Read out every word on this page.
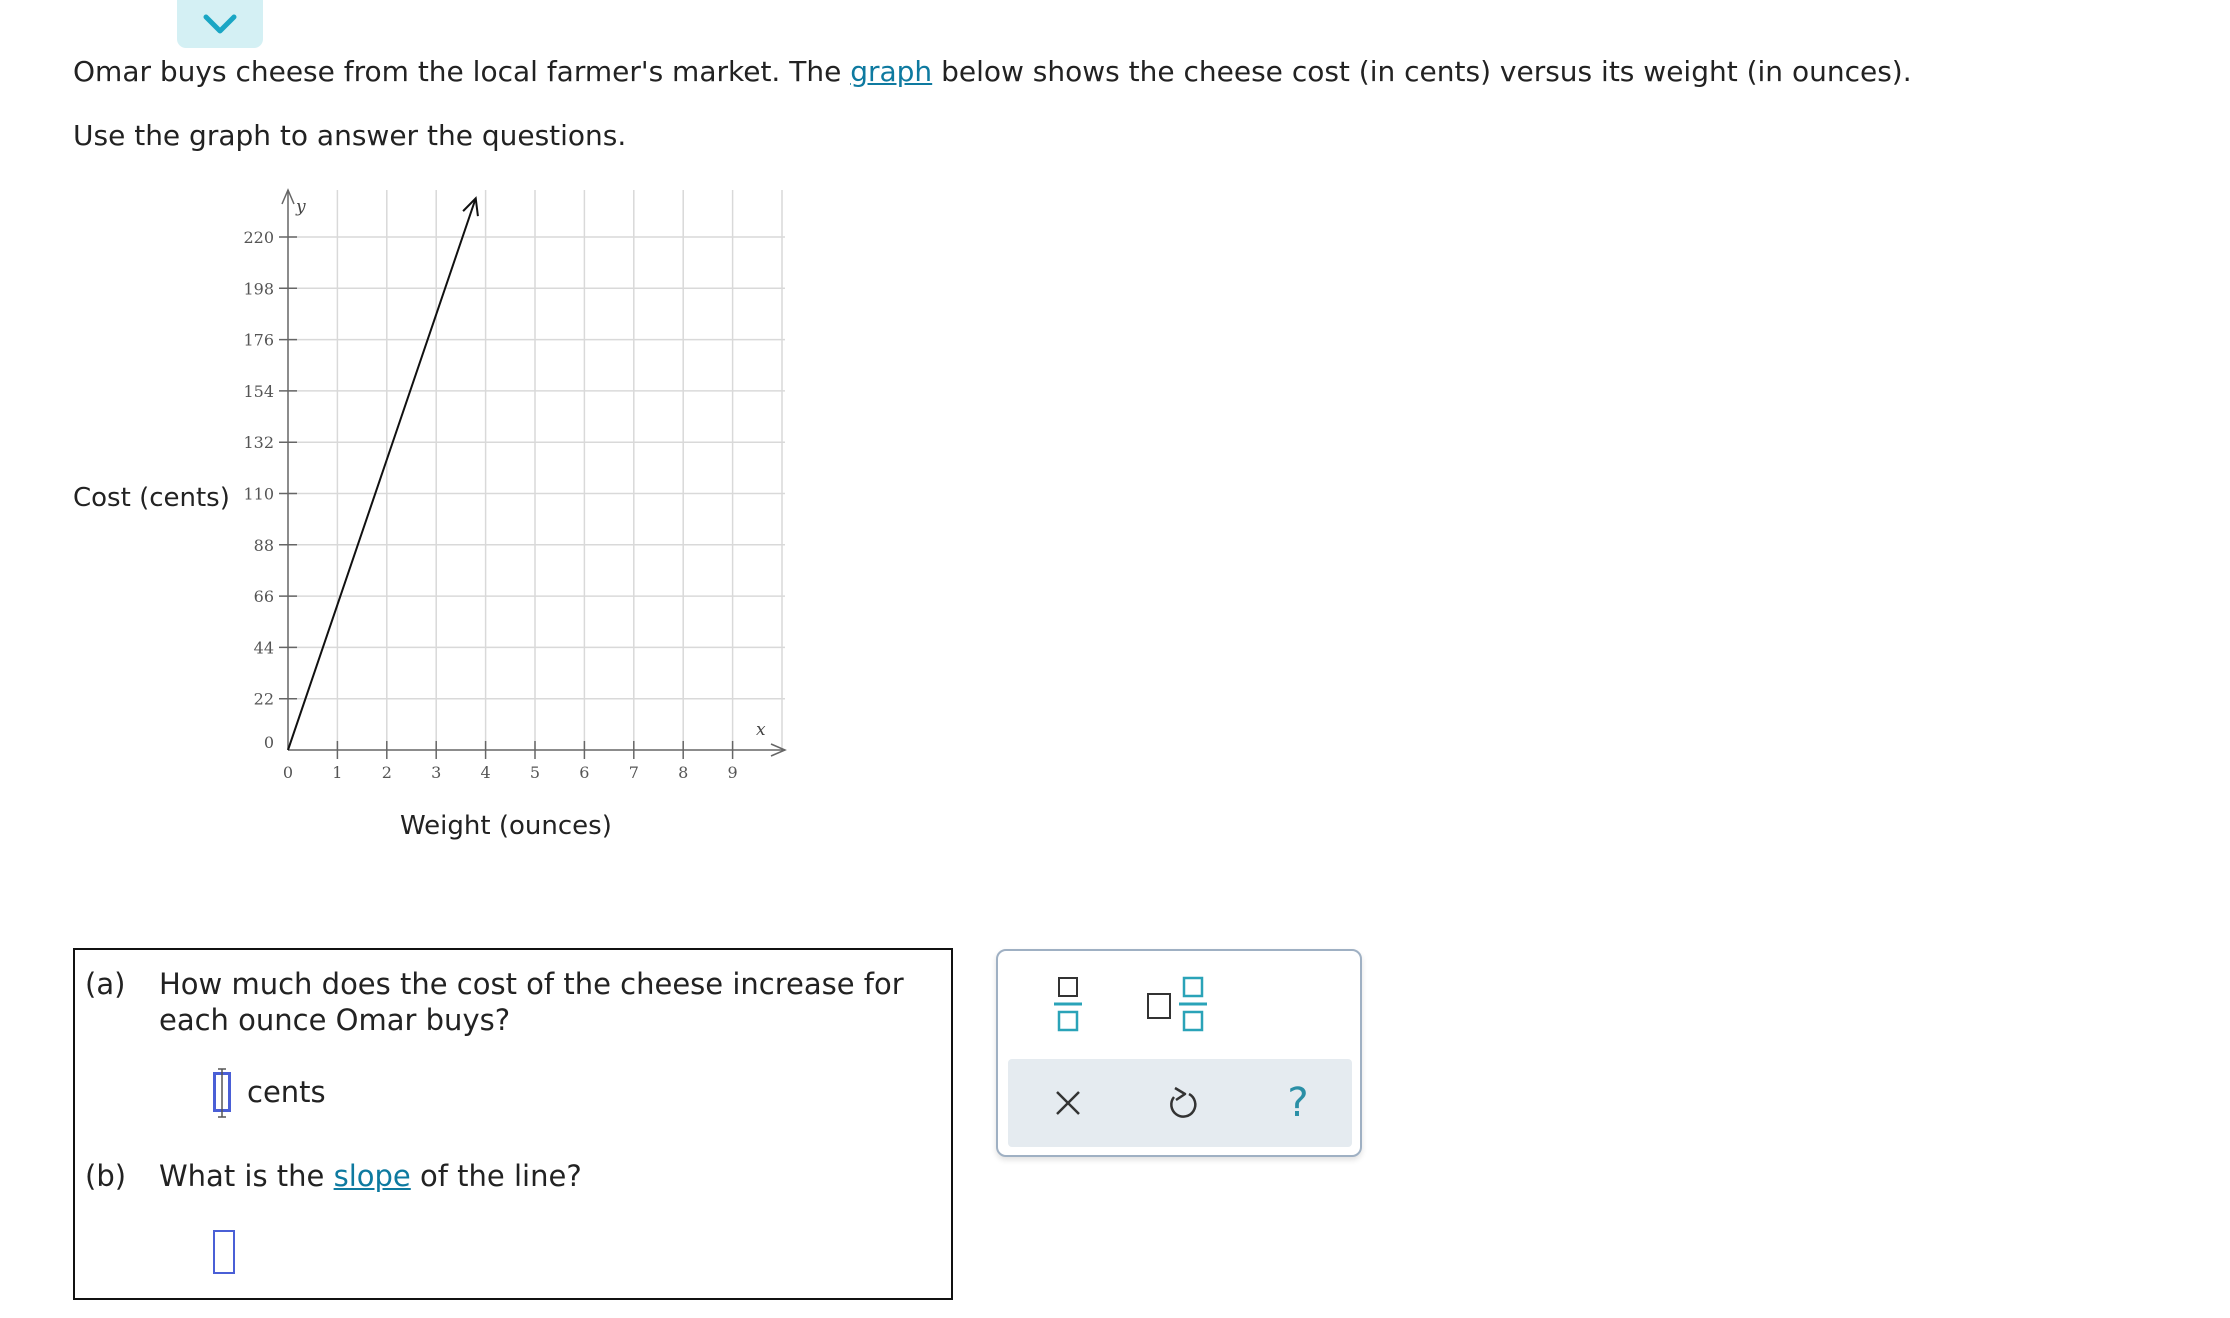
Omar buys cheese from the local farmer's market. The graph below shows the cheese cost (in cents) versus its weight (in ounces).
Use the graph to answer the questions.
x
y
0 1 2 3 4 5 6 7 8 9
0
22
44
66
88
110
132
154
176
198
220
Cost (cents)
Weight (ounces)
(a) How much does the cost of the cheese increase for
each ounce Omar buys?
cents
(b) What is the slope of the line?
?
